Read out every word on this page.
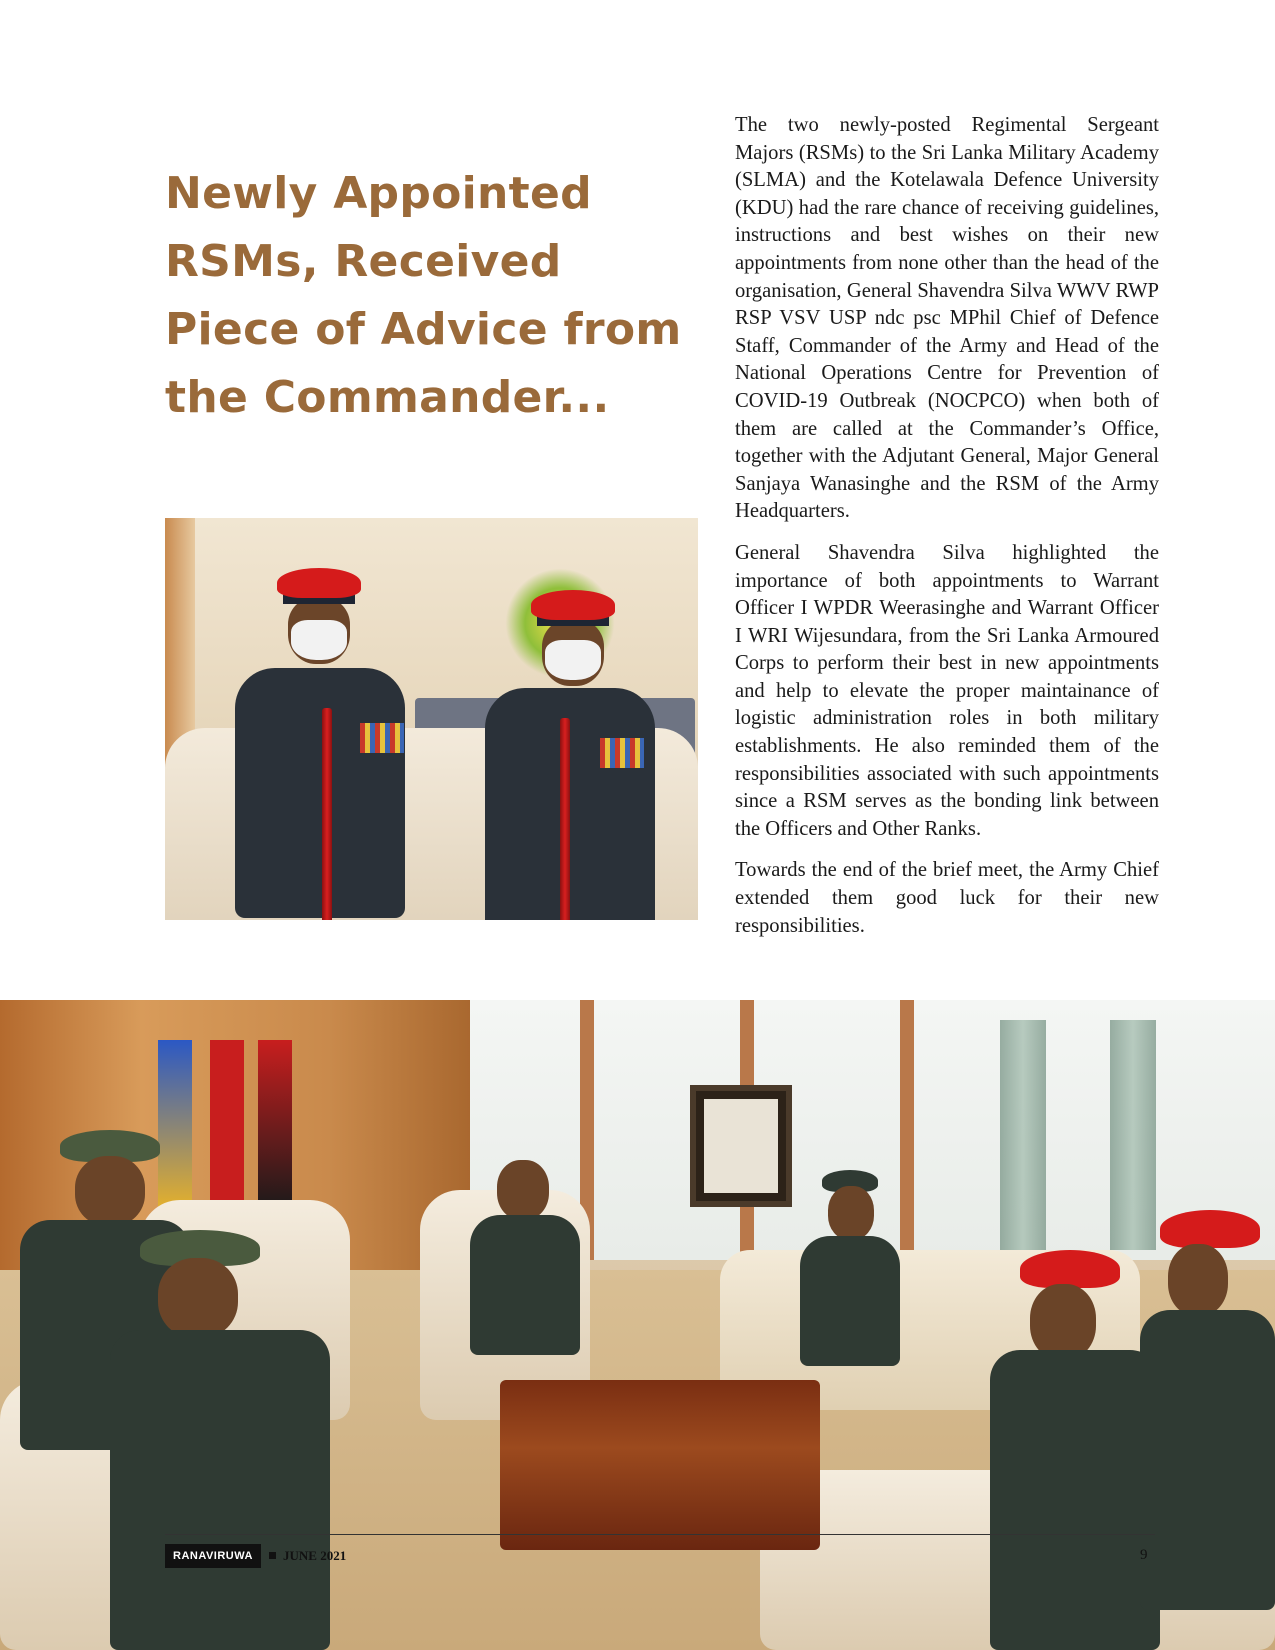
Newly Appointed RSMs, Received Piece of Advice from the Commander...

The two newly-posted Regimental Sergeant Majors (RSMs) to the Sri Lanka Military Academy (SLMA) and the Kotelawala Defence University (KDU) had the rare chance of receiving guidelines, instructions and best wishes on their new appointments from none other than the head of the organisation, General Shavendra Silva WWV RWP RSP VSV USP ndc psc MPhil Chief of Defence Staff, Commander of the Army and Head of the National Operations Centre for Prevention of COVID-19 Outbreak (NOCPCO) when both of them are called at the Commander’s Office, together with the Adjutant General, Major General Sanjaya Wanasinghe and the RSM of the Army Headquarters.

General Shavendra Silva highlighted the importance of both appointments to Warrant Officer I WPDR Weerasinghe and Warrant Officer I WRI Wijesundara, from the Sri Lanka Armoured Corps to perform their best in new appointments and help to elevate the proper maintainance of logistic administration roles in both military establishments. He also reminded them of the responsibilities associated with such appointments since a RSM serves as the bonding link between the Officers and Other Ranks.

Towards the end of the brief meet, the Army Chief extended them good luck for their new responsibilities.

RANAVIRUWA	JUNE 2021	9
